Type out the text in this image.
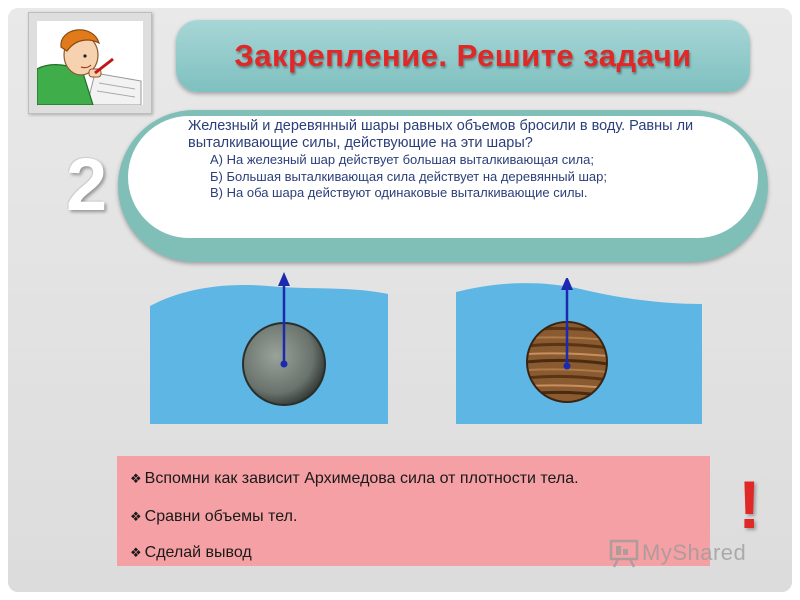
Закрепление. Решите задачи
2

Железный и деревянный шары равных объемов бросили в воду. Равны ли выталкивающие силы, действующие на эти шары?

А) На железный шар действует большая выталкивающая сила;

Б) Большая выталкивающая сила действует на деревянный шар;

В) На оба шара действуют одинаковые выталкивающие силы.

❖ Вспомни как зависит Архимедова сила от плотности тела.
❖ Сравни объемы тел.
❖ Сделай вывод
!
MyShared
